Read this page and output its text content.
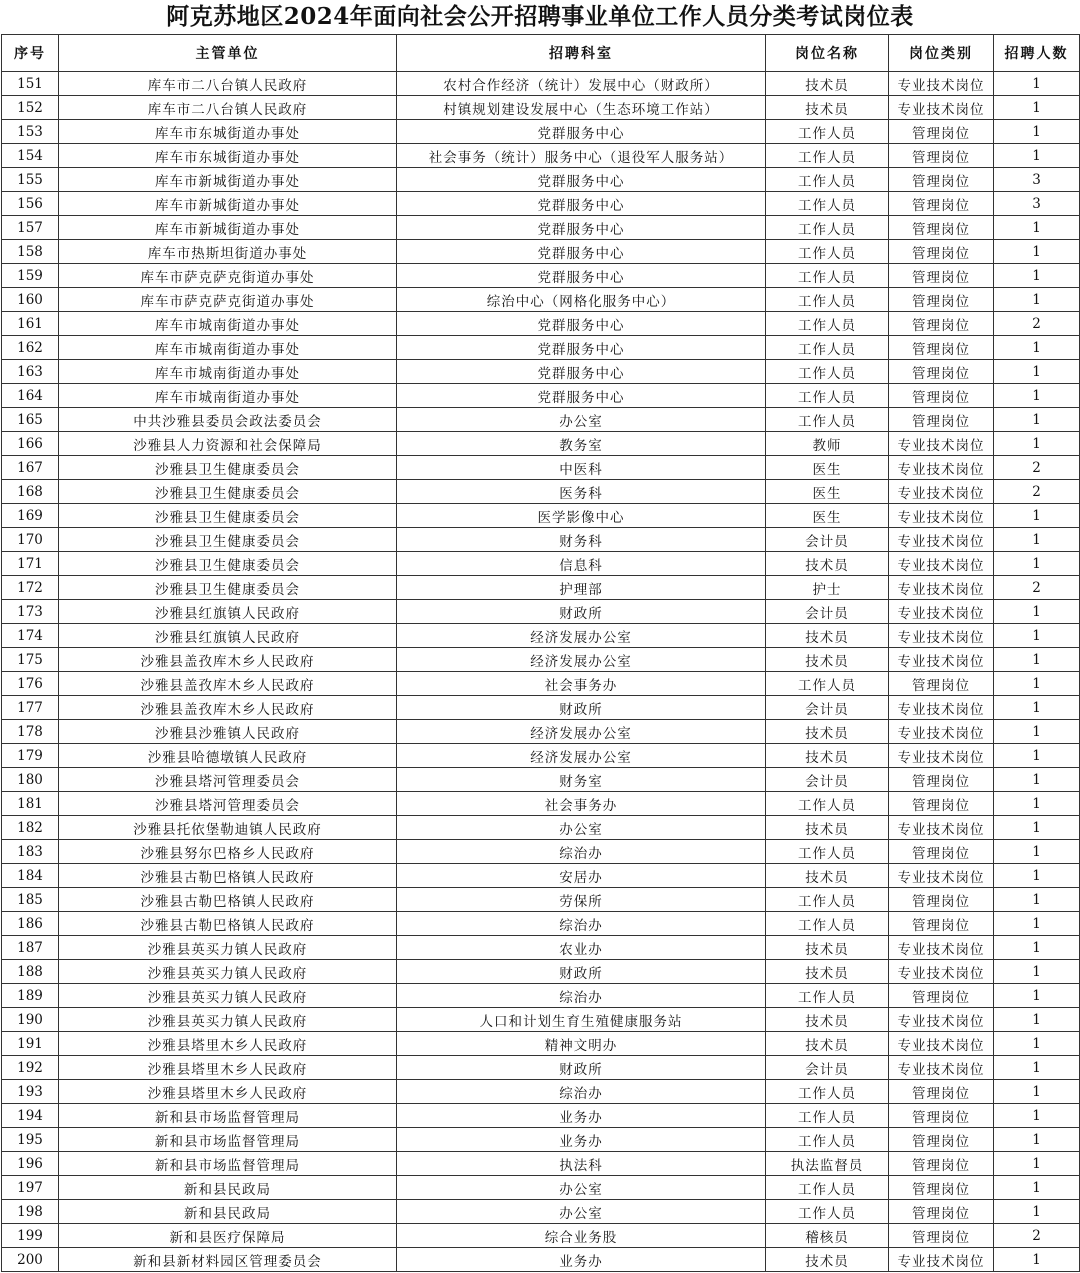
阿克苏地区2024年面向社会公开招聘事业单位工作人员分类考试岗位表
序号	主管单位	招聘科室	岗位名称	岗位类别	招聘人数
151	库车市二八台镇人民政府	农村合作经济（统计）发展中心（财政所）	技术员	专业技术岗位	1
152	库车市二八台镇人民政府	村镇规划建设发展中心（生态环境工作站）	技术员	专业技术岗位	1
153	库车市东城街道办事处	党群服务中心	工作人员	管理岗位	1
154	库车市东城街道办事处	社会事务（统计）服务中心（退役军人服务站）	工作人员	管理岗位	1
155	库车市新城街道办事处	党群服务中心	工作人员	管理岗位	3
156	库车市新城街道办事处	党群服务中心	工作人员	管理岗位	3
157	库车市新城街道办事处	党群服务中心	工作人员	管理岗位	1
158	库车市热斯坦街道办事处	党群服务中心	工作人员	管理岗位	1
159	库车市萨克萨克街道办事处	党群服务中心	工作人员	管理岗位	1
160	库车市萨克萨克街道办事处	综治中心（网格化服务中心）	工作人员	管理岗位	1
161	库车市城南街道办事处	党群服务中心	工作人员	管理岗位	2
162	库车市城南街道办事处	党群服务中心	工作人员	管理岗位	1
163	库车市城南街道办事处	党群服务中心	工作人员	管理岗位	1
164	库车市城南街道办事处	党群服务中心	工作人员	管理岗位	1
165	中共沙雅县委员会政法委员会	办公室	工作人员	管理岗位	1
166	沙雅县人力资源和社会保障局	教务室	教师	专业技术岗位	1
167	沙雅县卫生健康委员会	中医科	医生	专业技术岗位	2
168	沙雅县卫生健康委员会	医务科	医生	专业技术岗位	2
169	沙雅县卫生健康委员会	医学影像中心	医生	专业技术岗位	1
170	沙雅县卫生健康委员会	财务科	会计员	专业技术岗位	1
171	沙雅县卫生健康委员会	信息科	技术员	专业技术岗位	1
172	沙雅县卫生健康委员会	护理部	护士	专业技术岗位	2
173	沙雅县红旗镇人民政府	财政所	会计员	专业技术岗位	1
174	沙雅县红旗镇人民政府	经济发展办公室	技术员	专业技术岗位	1
175	沙雅县盖孜库木乡人民政府	经济发展办公室	技术员	专业技术岗位	1
176	沙雅县盖孜库木乡人民政府	社会事务办	工作人员	管理岗位	1
177	沙雅县盖孜库木乡人民政府	财政所	会计员	专业技术岗位	1
178	沙雅县沙雅镇人民政府	经济发展办公室	技术员	专业技术岗位	1
179	沙雅县哈德墩镇人民政府	经济发展办公室	技术员	专业技术岗位	1
180	沙雅县塔河管理委员会	财务室	会计员	管理岗位	1
181	沙雅县塔河管理委员会	社会事务办	工作人员	管理岗位	1
182	沙雅县托依堡勒迪镇人民政府	办公室	技术员	专业技术岗位	1
183	沙雅县努尔巴格乡人民政府	综治办	工作人员	管理岗位	1
184	沙雅县古勒巴格镇人民政府	安居办	技术员	专业技术岗位	1
185	沙雅县古勒巴格镇人民政府	劳保所	工作人员	管理岗位	1
186	沙雅县古勒巴格镇人民政府	综治办	工作人员	管理岗位	1
187	沙雅县英买力镇人民政府	农业办	技术员	专业技术岗位	1
188	沙雅县英买力镇人民政府	财政所	技术员	专业技术岗位	1
189	沙雅县英买力镇人民政府	综治办	工作人员	管理岗位	1
190	沙雅县英买力镇人民政府	人口和计划生育生殖健康服务站	技术员	专业技术岗位	1
191	沙雅县塔里木乡人民政府	精神文明办	技术员	专业技术岗位	1
192	沙雅县塔里木乡人民政府	财政所	会计员	专业技术岗位	1
193	沙雅县塔里木乡人民政府	综治办	工作人员	管理岗位	1
194	新和县市场监督管理局	业务办	工作人员	管理岗位	1
195	新和县市场监督管理局	业务办	工作人员	管理岗位	1
196	新和县市场监督管理局	执法科	执法监督员	管理岗位	1
197	新和县民政局	办公室	工作人员	管理岗位	1
198	新和县民政局	办公室	工作人员	管理岗位	1
199	新和县医疗保障局	综合业务股	稽核员	管理岗位	2
200	新和县新材料园区管理委员会	业务办	技术员	专业技术岗位	1
